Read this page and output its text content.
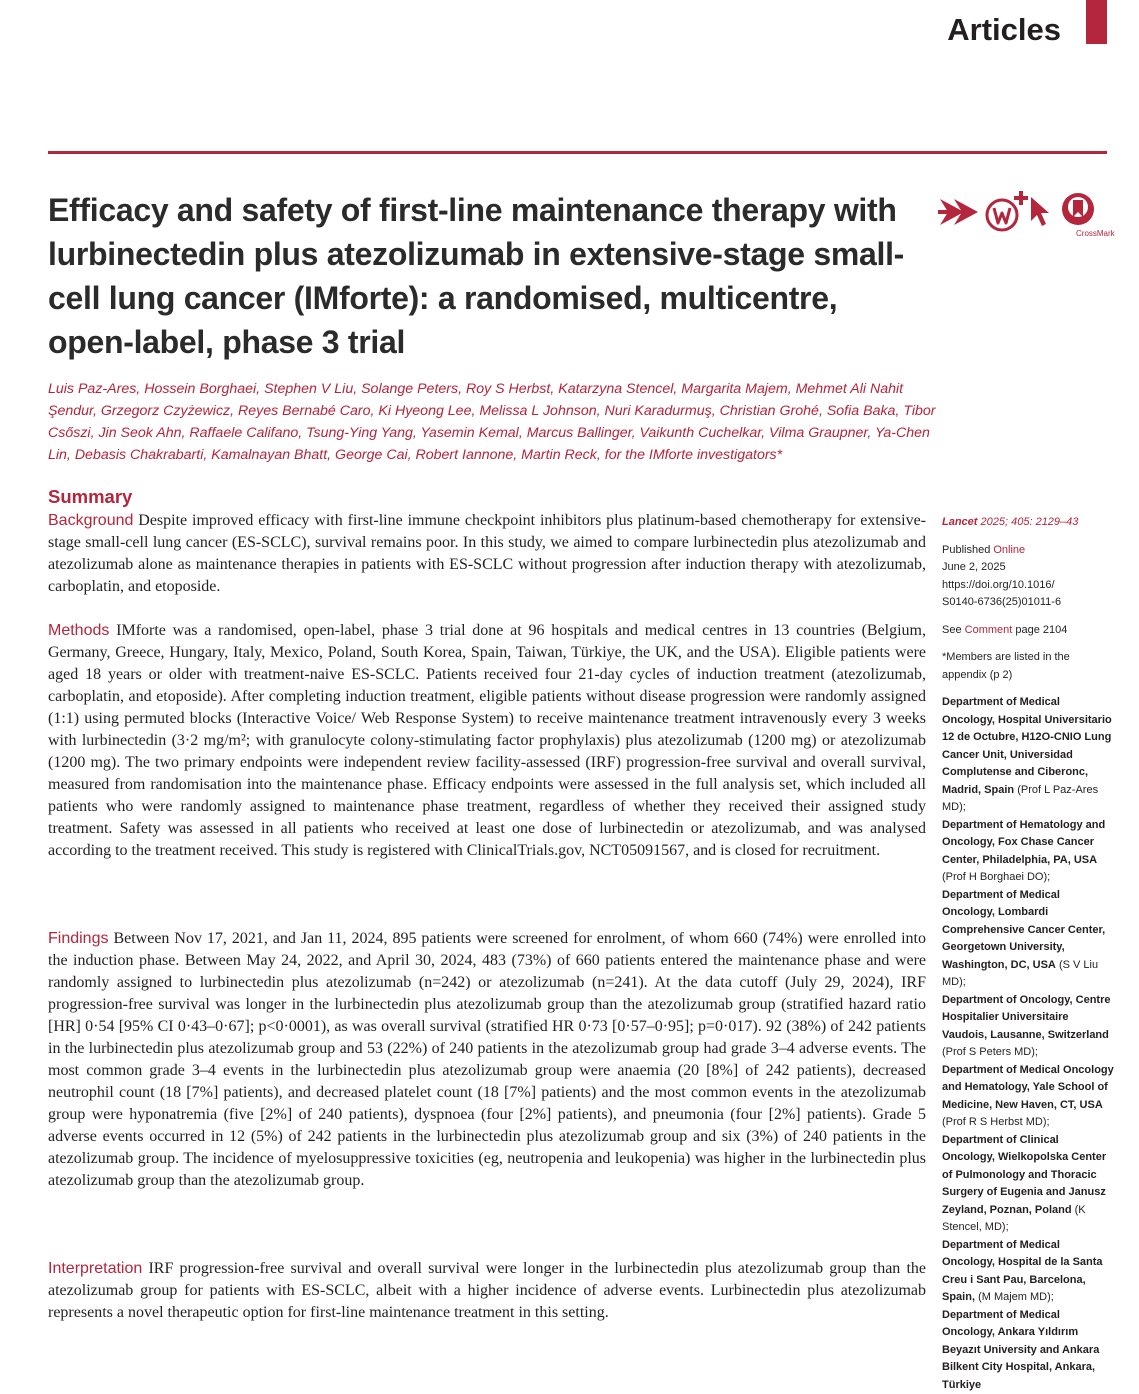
Articles
Efficacy and safety of first-line maintenance therapy with lurbinectedin plus atezolizumab in extensive-stage small-cell lung cancer (IMforte): a randomised, multicentre, open-label, phase 3 trial
CrossMark
Luis Paz-Ares, Hossein Borghaei, Stephen V Liu, Solange Peters, Roy S Herbst, Katarzyna Stencel, Margarita Majem, Mehmet Ali Nahit Şendur, Grzegorz Czyżewicz, Reyes Bernabé Caro, Ki Hyeong Lee, Melissa L Johnson, Nuri Karadurmuş, Christian Grohé, Sofia Baka, Tibor Csőszi, Jin Seok Ahn, Raffaele Califano, Tsung-Ying Yang, Yasemin Kemal, Marcus Ballinger, Vaikunth Cuchelkar, Vilma Graupner, Ya-Chen Lin, Debasis Chakrabarti, Kamalnayan Bhatt, George Cai, Robert Iannone, Martin Reck, for the IMforte investigators*
Summary

Background Despite improved efficacy with first-line immune checkpoint inhibitors plus platinum-based chemotherapy for extensive-stage small-cell lung cancer (ES-SCLC), survival remains poor. In this study, we aimed to compare lurbinectedin plus atezolizumab and atezolizumab alone as maintenance therapies in patients with ES-SCLC without progression after induction therapy with atezolizumab, carboplatin, and etoposide.

Methods IMforte was a randomised, open-label, phase 3 trial done at 96 hospitals and medical centres in 13 countries (Belgium, Germany, Greece, Hungary, Italy, Mexico, Poland, South Korea, Spain, Taiwan, Türkiye, the UK, and the USA). Eligible patients were aged 18 years or older with treatment-naive ES-SCLC. Patients received four 21-day cycles of induction treatment (atezolizumab, carboplatin, and etoposide). After completing induction treatment, eligible patients without disease progression were randomly assigned (1:1) using permuted blocks (Interactive Voice/ Web Response System) to receive maintenance treatment intravenously every 3 weeks with lurbinectedin (3·2 mg/m²; with granulocyte colony-stimulating factor prophylaxis) plus atezolizumab (1200 mg) or atezolizumab (1200 mg). The two primary endpoints were independent review facility-assessed (IRF) progression-free survival and overall survival, measured from randomisation into the maintenance phase. Efficacy endpoints were assessed in the full analysis set, which included all patients who were randomly assigned to maintenance phase treatment, regardless of whether they received their assigned study treatment. Safety was assessed in all patients who received at least one dose of lurbinectedin or atezolizumab, and was analysed according to the treatment received. This study is registered with ClinicalTrials.gov, NCT05091567, and is closed for recruitment.

Findings Between Nov 17, 2021, and Jan 11, 2024, 895 patients were screened for enrolment, of whom 660 (74%) were enrolled into the induction phase. Between May 24, 2022, and April 30, 2024, 483 (73%) of 660 patients entered the maintenance phase and were randomly assigned to lurbinectedin plus atezolizumab (n=242) or atezolizumab (n=241). At the data cutoff (July 29, 2024), IRF progression-free survival was longer in the lurbinectedin plus atezolizumab group than the atezolizumab group (stratified hazard ratio [HR] 0·54 [95% CI 0·43–0·67]; p<0·0001), as was overall survival (stratified HR 0·73 [0·57–0·95]; p=0·017). 92 (38%) of 242 patients in the lurbinectedin plus atezolizumab group and 53 (22%) of 240 patients in the atezolizumab group had grade 3–4 adverse events. The most common grade 3–4 events in the lurbinectedin plus atezolizumab group were anaemia (20 [8%] of 242 patients), decreased neutrophil count (18 [7%] patients), and decreased platelet count (18 [7%] patients) and the most common events in the atezolizumab group were hyponatremia (five [2%] of 240 patients), dyspnoea (four [2%] patients), and pneumonia (four [2%] patients). Grade 5 adverse events occurred in 12 (5%) of 242 patients in the lurbinectedin plus atezolizumab group and six (3%) of 240 patients in the atezolizumab group. The incidence of myelosuppressive toxicities (eg, neutropenia and leukopenia) was higher in the lurbinectedin plus atezolizumab group than the atezolizumab group.

Interpretation IRF progression-free survival and overall survival were longer in the lurbinectedin plus atezolizumab group than the atezolizumab group for patients with ES-SCLC, albeit with a higher incidence of adverse events. Lurbinectedin plus atezolizumab represents a novel therapeutic option for first-line maintenance treatment in this setting.

Lancet 2025; 405: 2129–43

Published Online

June 2, 2025

https://doi.org/10.1016/

S0140-6736(25)01011-6

See Comment page 2104

*Members are listed in the appendix (p 2)

Department of Medical Oncology, Hospital Universitario 12 de Octubre, H12O-CNIO Lung Cancer Unit, Universidad Complutense and Ciberonc, Madrid, Spain (Prof L Paz-Ares MD);

Department of Hematology and Oncology, Fox Chase Cancer Center, Philadelphia, PA, USA (Prof H Borghaei DO);

Department of Medical Oncology, Lombardi Comprehensive Cancer Center, Georgetown University, Washington, DC, USA (S V Liu MD);

Department of Oncology, Centre Hospitalier Universitaire Vaudois, Lausanne, Switzerland (Prof S Peters MD);

Department of Medical Oncology and Hematology, Yale School of Medicine, New Haven, CT, USA (Prof R S Herbst MD);

Department of Clinical Oncology, Wielkopolska Center of Pulmonology and Thoracic Surgery of Eugenia and Janusz Zeyland, Poznan, Poland (K Stencel, MD);

Department of Medical Oncology, Hospital de la Santa Creu i Sant Pau, Barcelona, Spain, (M Majem MD);

Department of Medical Oncology, Ankara Yıldırım Beyazıt University and Ankara Bilkent City Hospital, Ankara, Türkiye
